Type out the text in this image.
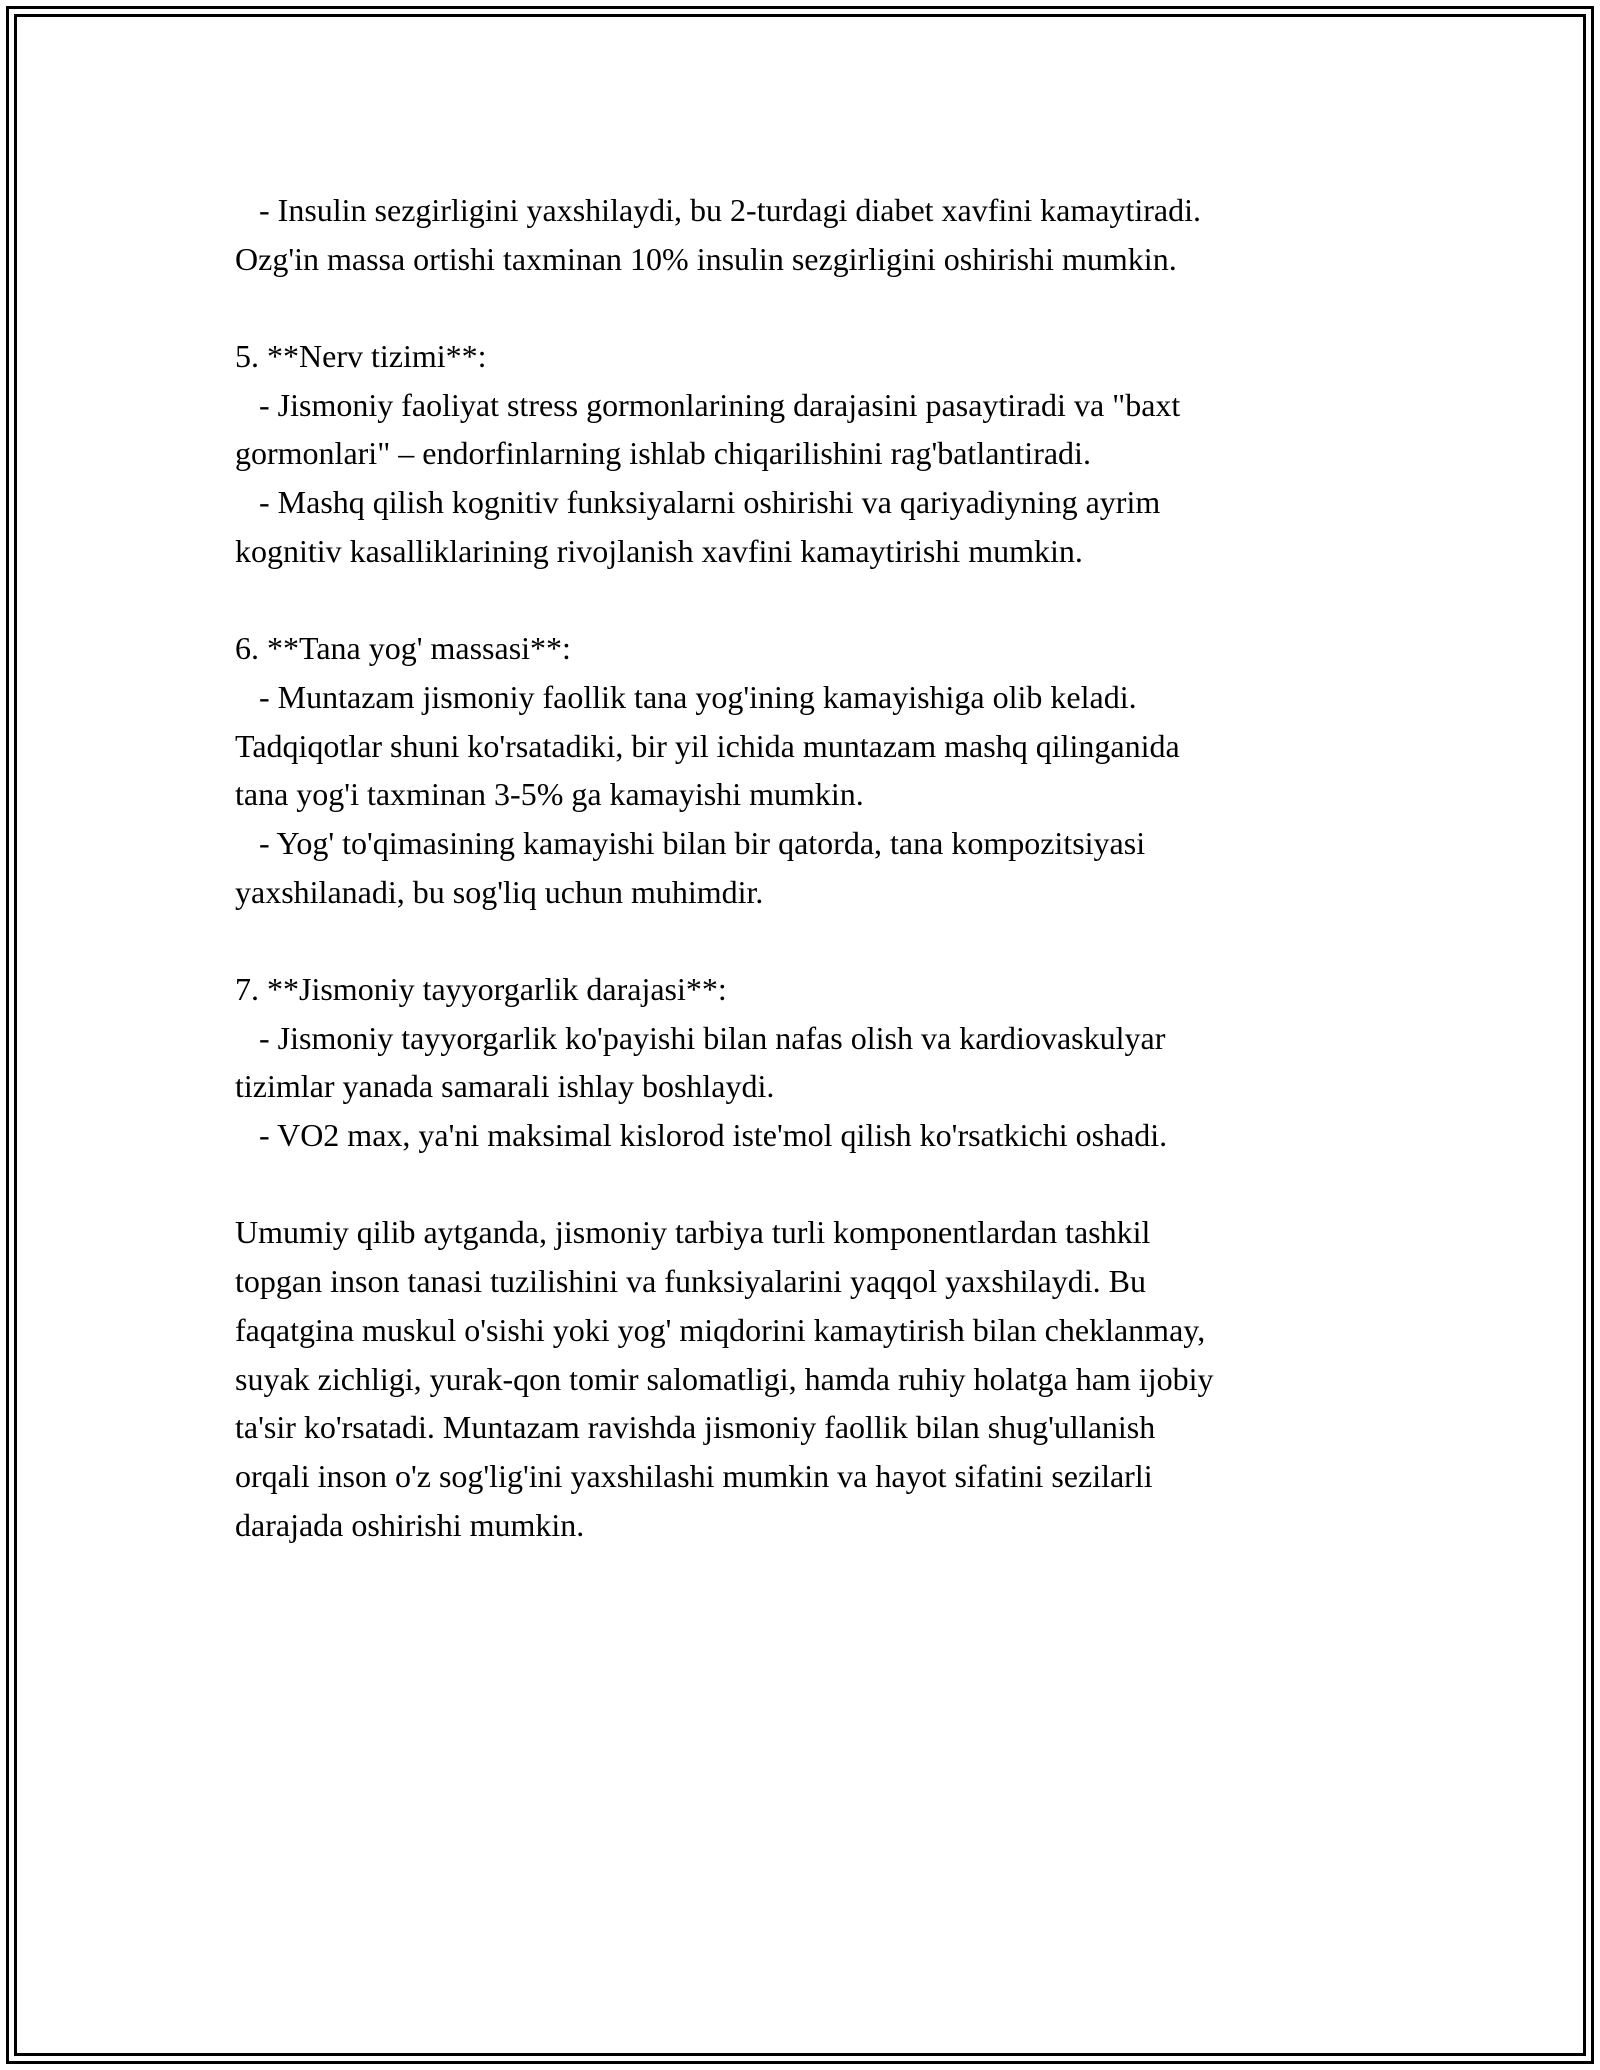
- Insulin sezgirligini yaxshilaydi, bu 2-turdagi diabet xavfini kamaytiradi.
Ozg'in massa ortishi taxminan 10% insulin sezgirligini oshirishi mumkin.
5. **Nerv tizimi**:
- Jismoniy faoliyat stress gormonlarining darajasini pasaytiradi va "baxt
gormonlari" – endorfinlarning ishlab chiqarilishini rag'batlantiradi.
- Mashq qilish kognitiv funksiyalarni oshirishi va qariyadiyning ayrim
kognitiv kasalliklarining rivojlanish xavfini kamaytirishi mumkin.
6. **Tana yog' massasi**:
- Muntazam jismoniy faollik tana yog'ining kamayishiga olib keladi.
Tadqiqotlar shuni ko'rsatadiki, bir yil ichida muntazam mashq qilinganida
tana yog'i taxminan 3-5% ga kamayishi mumkin.
- Yog' to'qimasining kamayishi bilan bir qatorda, tana kompozitsiyasi
yaxshilanadi, bu sog'liq uchun muhimdir.
7. **Jismoniy tayyorgarlik darajasi**:
- Jismoniy tayyorgarlik ko'payishi bilan nafas olish va kardiovaskulyar
tizimlar yanada samarali ishlay boshlaydi.
- VO2 max, ya'ni maksimal kislorod iste'mol qilish ko'rsatkichi oshadi.
Umumiy qilib aytganda, jismoniy tarbiya turli komponentlardan tashkil
topgan inson tanasi tuzilishini va funksiyalarini yaqqol yaxshilaydi. Bu
faqatgina muskul o'sishi yoki yog' miqdorini kamaytirish bilan cheklanmay,
suyak zichligi, yurak-qon tomir salomatligi, hamda ruhiy holatga ham ijobiy
ta'sir ko'rsatadi. Muntazam ravishda jismoniy faollik bilan shug'ullanish
orqali inson o'z sog'lig'ini yaxshilashi mumkin va hayot sifatini sezilarli
darajada oshirishi mumkin.
